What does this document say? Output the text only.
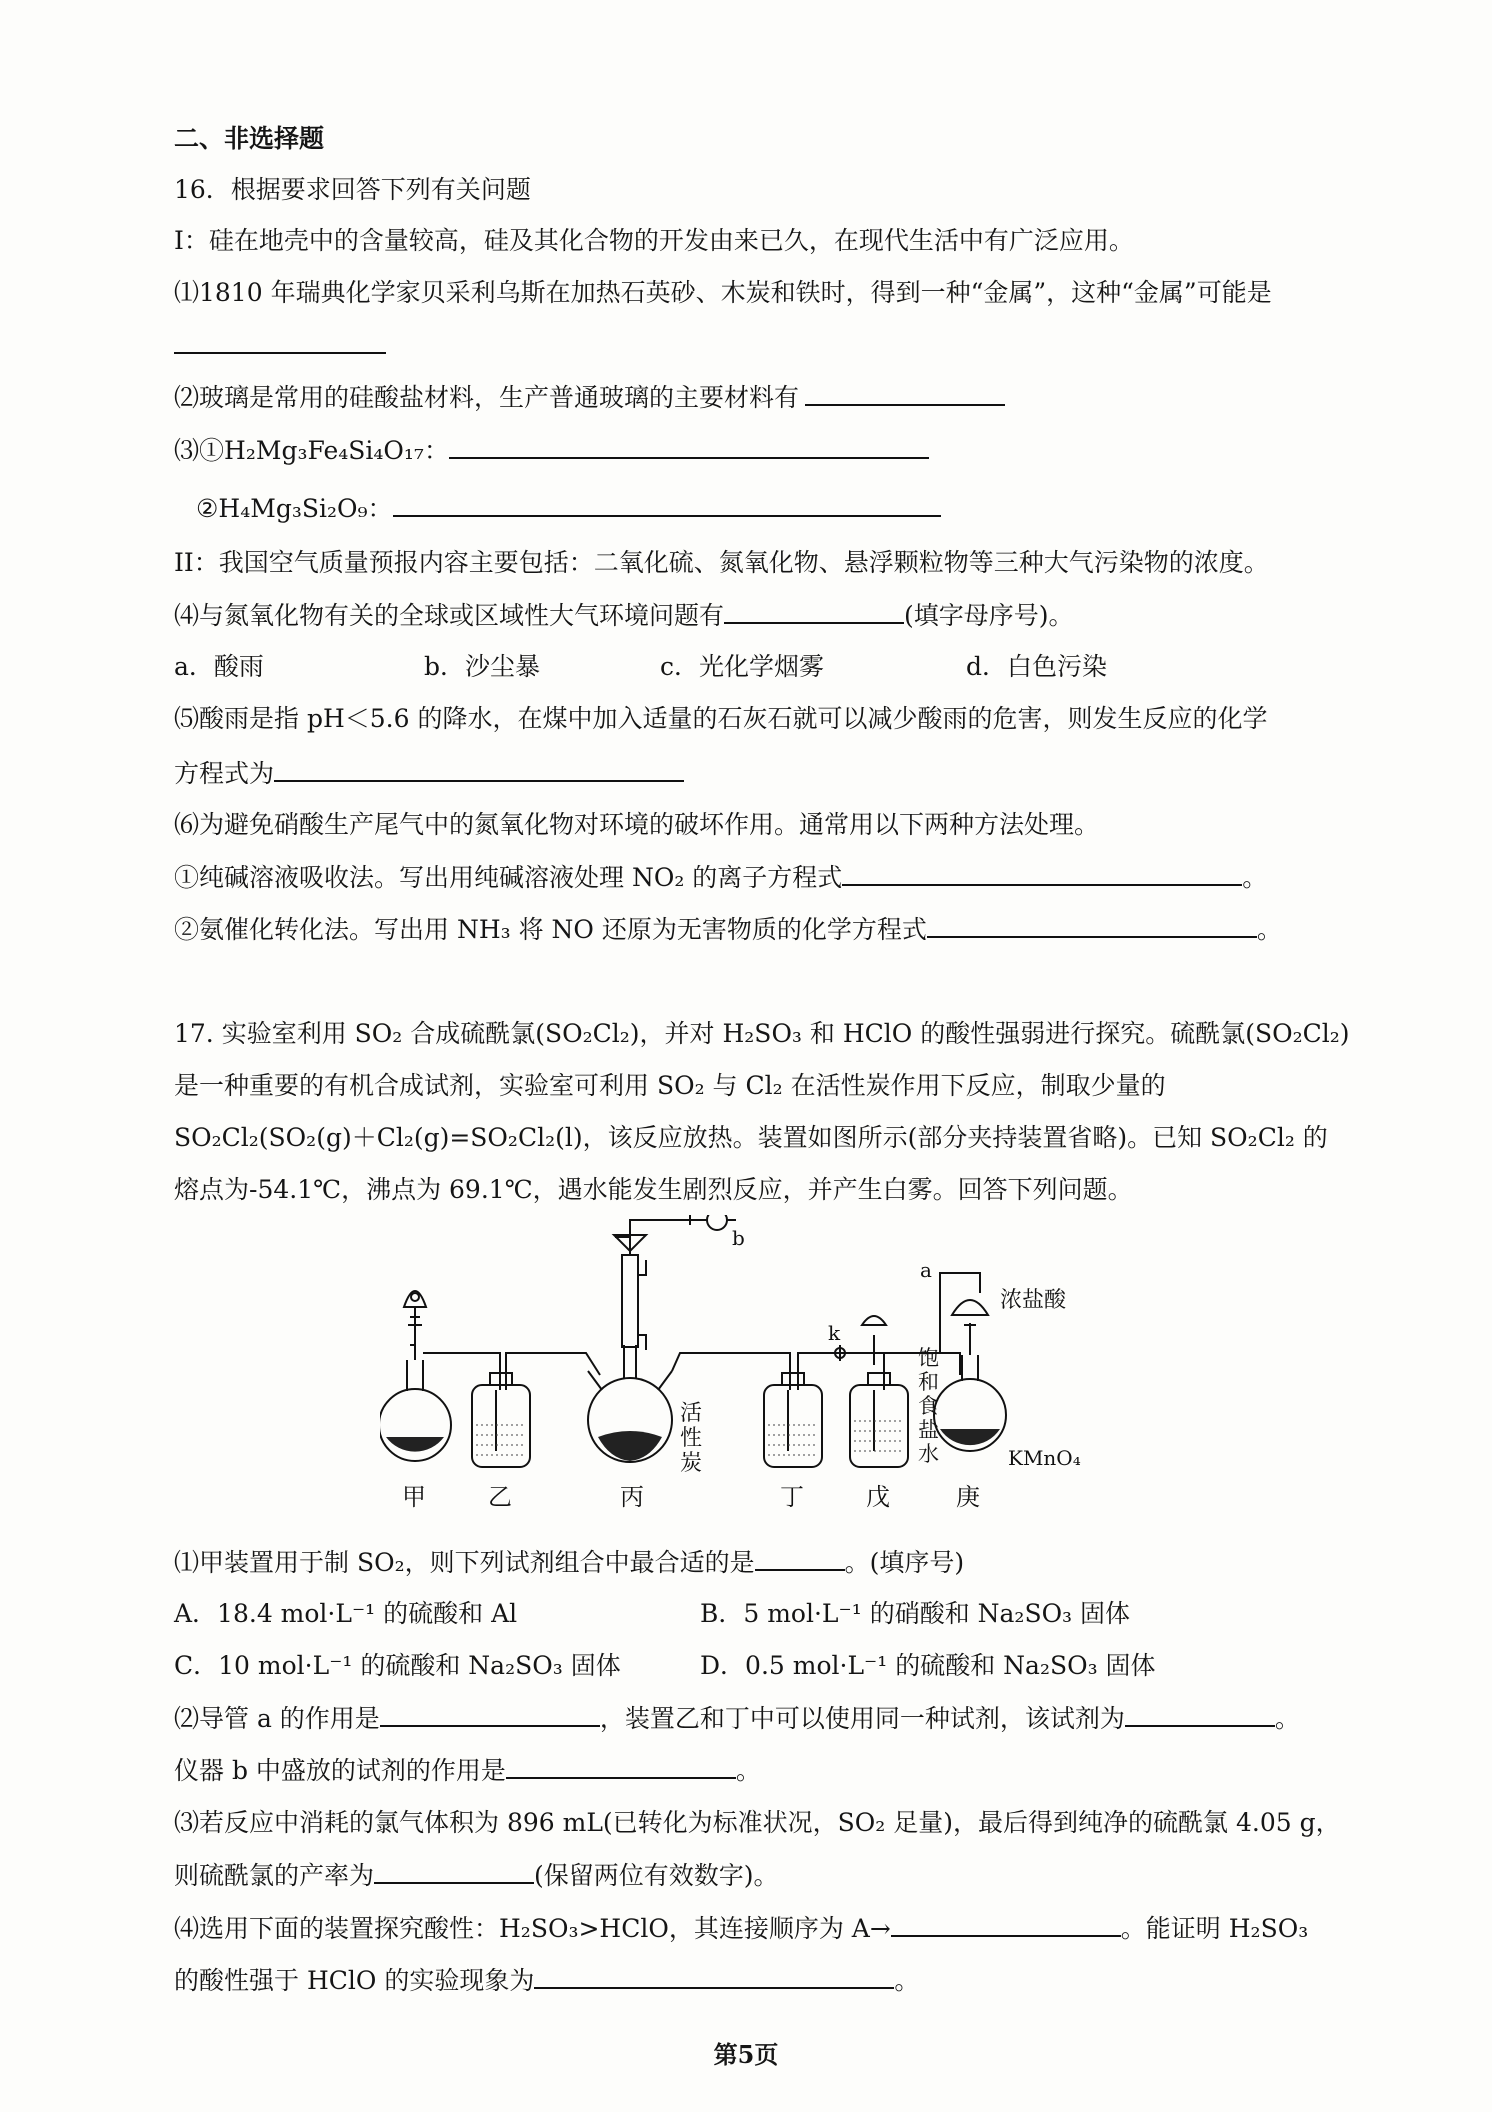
二、非选择题
16．根据要求回答下列有关问题
I：硅在地壳中的含量较高，硅及其化合物的开发由来已久，在现代生活中有广泛应用。
⑴1810 年瑞典化学家贝采利乌斯在加热石英砂、木炭和铁时，得到一种“金属”，这种“金属”可能是
⑵玻璃是常用的硅酸盐材料，生产普通玻璃的主要材料有
⑶①H₂Mg₃Fe₄Si₄O₁₇：
②H₄Mg₃Si₂O₉：
II：我国空气质量预报内容主要包括：二氧化硫、氮氧化物、悬浮颗粒物等三种大气污染物的浓度。
⑷与氮氧化物有关的全球或区域性大气环境问题有	(填字母序号)。
a．酸雨	b．沙尘暴	c．光化学烟雾	d．白色污染
⑸酸雨是指 pH＜5.6 的降水，在煤中加入适量的石灰石就可以减少酸雨的危害，则发生反应的化学
方程式为
⑹为避免硝酸生产尾气中的氮氧化物对环境的破坏作用。通常用以下两种方法处理。
①纯碱溶液吸收法。写出用纯碱溶液处理 NO₂ 的离子方程式	。
②氨催化转化法。写出用 NH₃ 将 NO 还原为无害物质的化学方程式	。
17. 实验室利用 SO₂ 合成硫酰氯(SO₂Cl₂)，并对 H₂SO₃ 和 HClO 的酸性强弱进行探究。硫酰氯(SO₂Cl₂)
是一种重要的有机合成试剂，实验室可利用 SO₂ 与 Cl₂ 在活性炭作用下反应，制取少量的
SO₂Cl₂(SO₂(g)＋Cl₂(g)=SO₂Cl₂(l)，该反应放热。装置如图所示(部分夹持装置省略)。已知 SO₂Cl₂ 的
熔点为-54.1℃，沸点为 69.1℃，遇水能发生剧烈反应，并产生白雾。回答下列问题。
甲	乙	丙	丁	戊	庚
b
a
k
浓盐酸
KMnO₄
活
性
炭
饱
和
食
盐
水
⑴甲装置用于制 SO₂，则下列试剂组合中最合适的是	。(填序号)
A．18.4 mol·L⁻¹ 的硫酸和 Al	B．5 mol·L⁻¹ 的硝酸和 Na₂SO₃ 固体
C．10 mol·L⁻¹ 的硫酸和 Na₂SO₃ 固体	D．0.5 mol·L⁻¹ 的硫酸和 Na₂SO₃ 固体
⑵导管 a 的作用是	，装置乙和丁中可以使用同一种试剂，该试剂为	。
仪器 b 中盛放的试剂的作用是	。
⑶若反应中消耗的氯气体积为 896 mL(已转化为标准状况，SO₂ 足量)，最后得到纯净的硫酰氯 4.05 g，
则硫酰氯的产率为	(保留两位有效数字)。
⑷选用下面的装置探究酸性：H₂SO₃>HClO，其连接顺序为 A→	。能证明 H₂SO₃
的酸性强于 HClO 的实验现象为	。
第5页
